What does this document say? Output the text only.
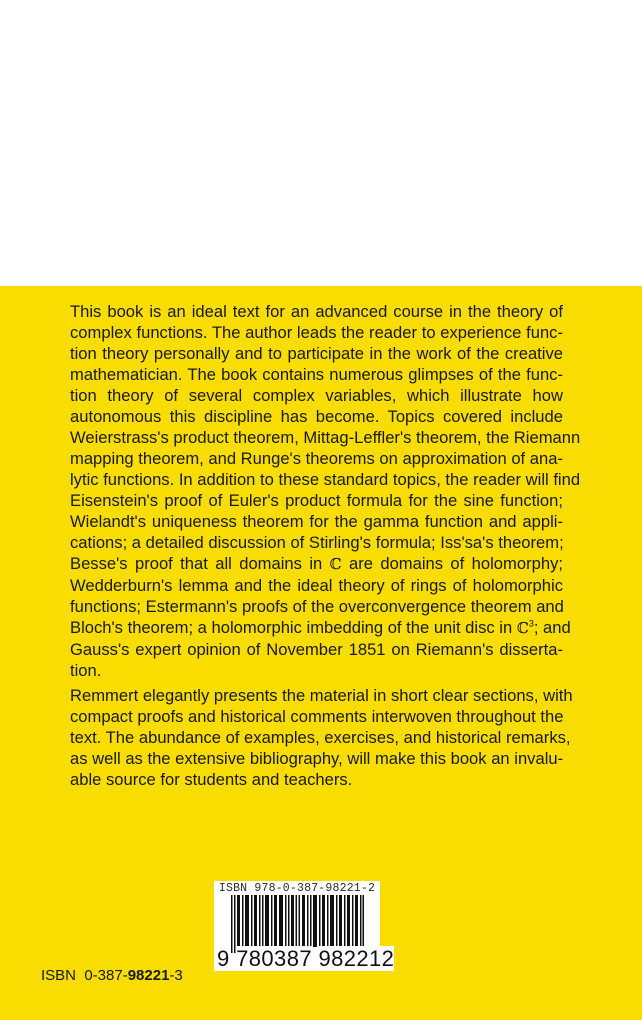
This book is an ideal text for an advanced course in the theory of
complex functions. The author leads the reader to experience func-
tion theory personally and to participate in the work of the creative
mathematician. The book contains numerous glimpses of the func-
tion theory of several complex variables, which illustrate how
autonomous this discipline has become. Topics covered include
Weierstrass's product theorem, Mittag-Leffler's theorem, the Riemann
mapping theorem, and Runge's theorems on approximation of ana-
lytic functions. In addition to these standard topics, the reader will find
Eisenstein's proof of Euler's product formula for the sine function;
Wielandt's uniqueness theorem for the gamma function and appli-
cations; a detailed discussion of Stirling's formula; Iss'sa's theorem;
Besse's proof that all domains in ℂ are domains of holomorphy;
Wedderburn's lemma and the ideal theory of rings of holomorphic
functions; Estermann's proofs of the overconvergence theorem and
Bloch's theorem; a holomorphic imbedding of the unit disc in ℂ$^3$; and
Gauss's expert opinion of November 1851 on Riemann's disserta-
tion.

Remmert elegantly presents the material in short clear sections, with
compact proofs and historical comments interwoven throughout the
text. The abundance of examples, exercises, and historical remarks,
as well as the extensive bibliography, will make this book an invalu-
able source for students and teachers.

ISBN 978-0-387-98221-2
9 780387 982212
ISBN  0-387-98221-3
